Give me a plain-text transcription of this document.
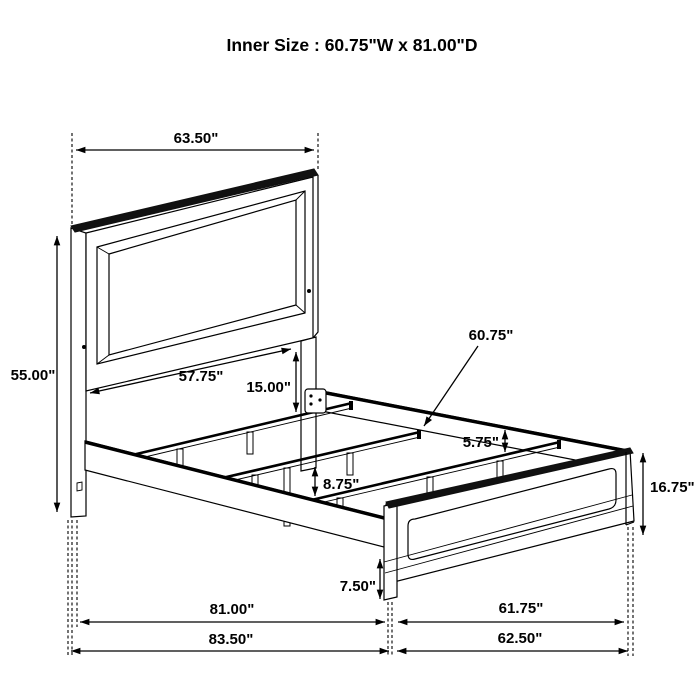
63.50"
55.00"	57.75"
15.00"
60.75"
5.75"
8.75"	16.75"
7.50"
81.00"	61.75"
83.50"	62.50"
Inner Size : 60.75"W x 81.00"D
